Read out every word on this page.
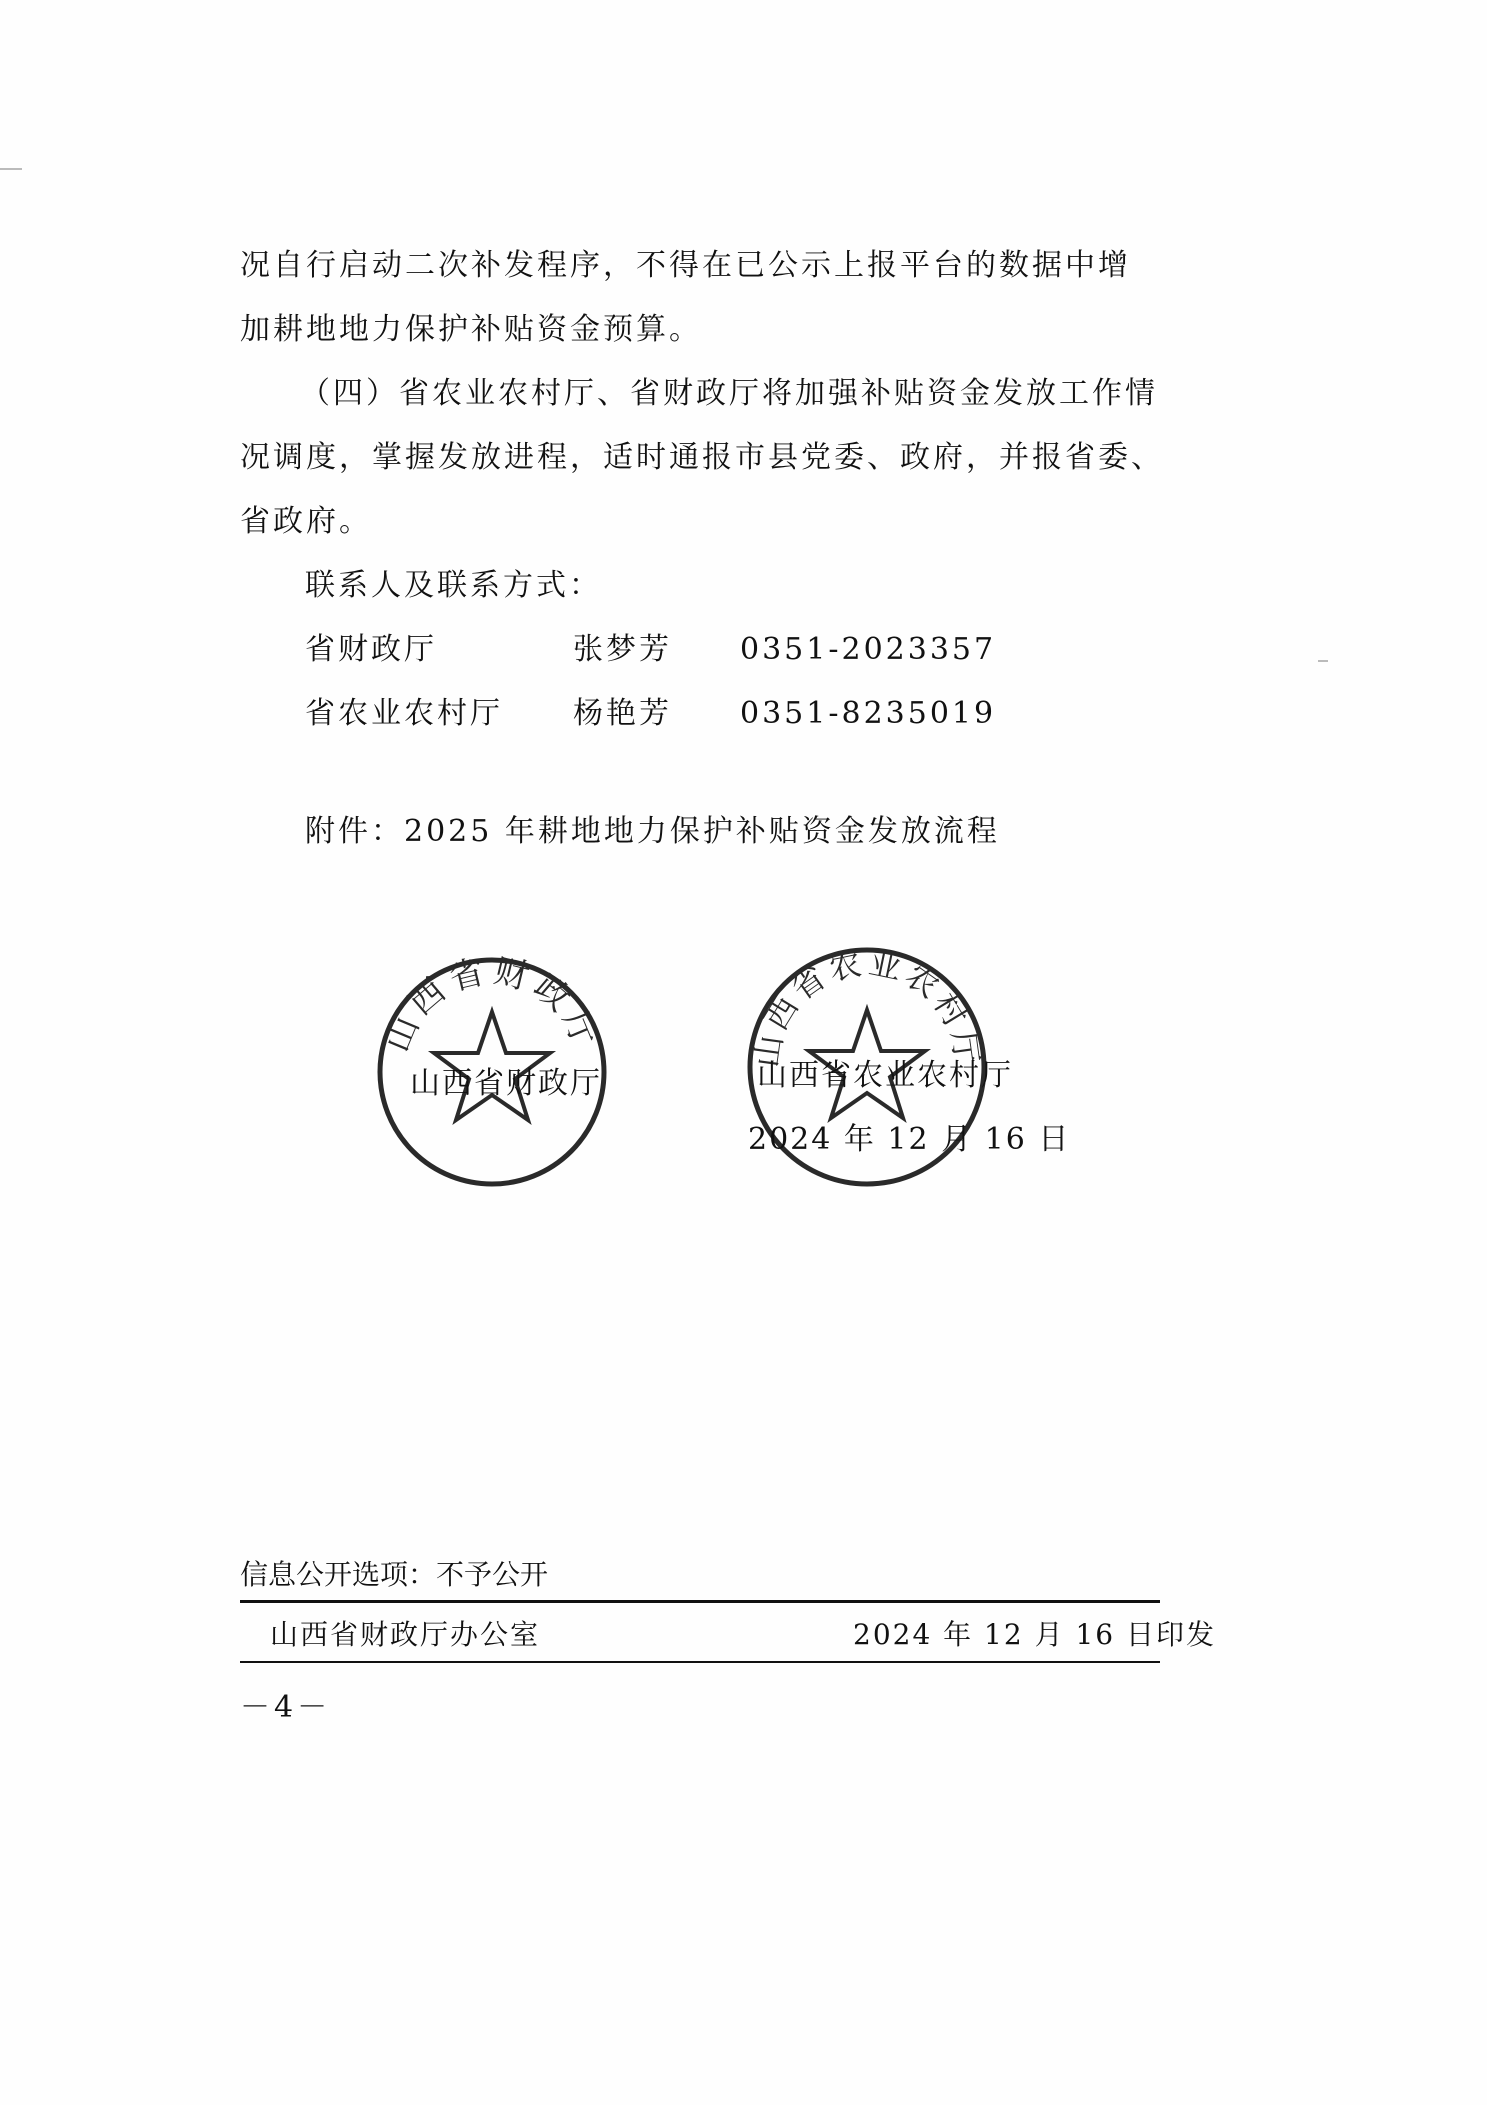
况自行启动二次补发程序，不得在已公示上报平台的数据中增
加耕地地力保护补贴资金预算。
（四）省农业农村厅、省财政厅将加强补贴资金发放工作情
况调度，掌握发放进程，适时通报市县党委、政府，并报省委、
省政府。
联系人及联系方式：
省财政厅	张梦芳 0351-2023357
省农业农村厅 杨艳芳 0351-8235019
附件：2025 年耕地地力保护补贴资金发放流程
山西省财政厅
山西省财政厅
山西省农业农村厅
山西省农业农村厅
2024 年 12 月 16 日
信息公开选项：不予公开
山西省财政厅办公室	2024 年 12 月 16 日印发
－4－
